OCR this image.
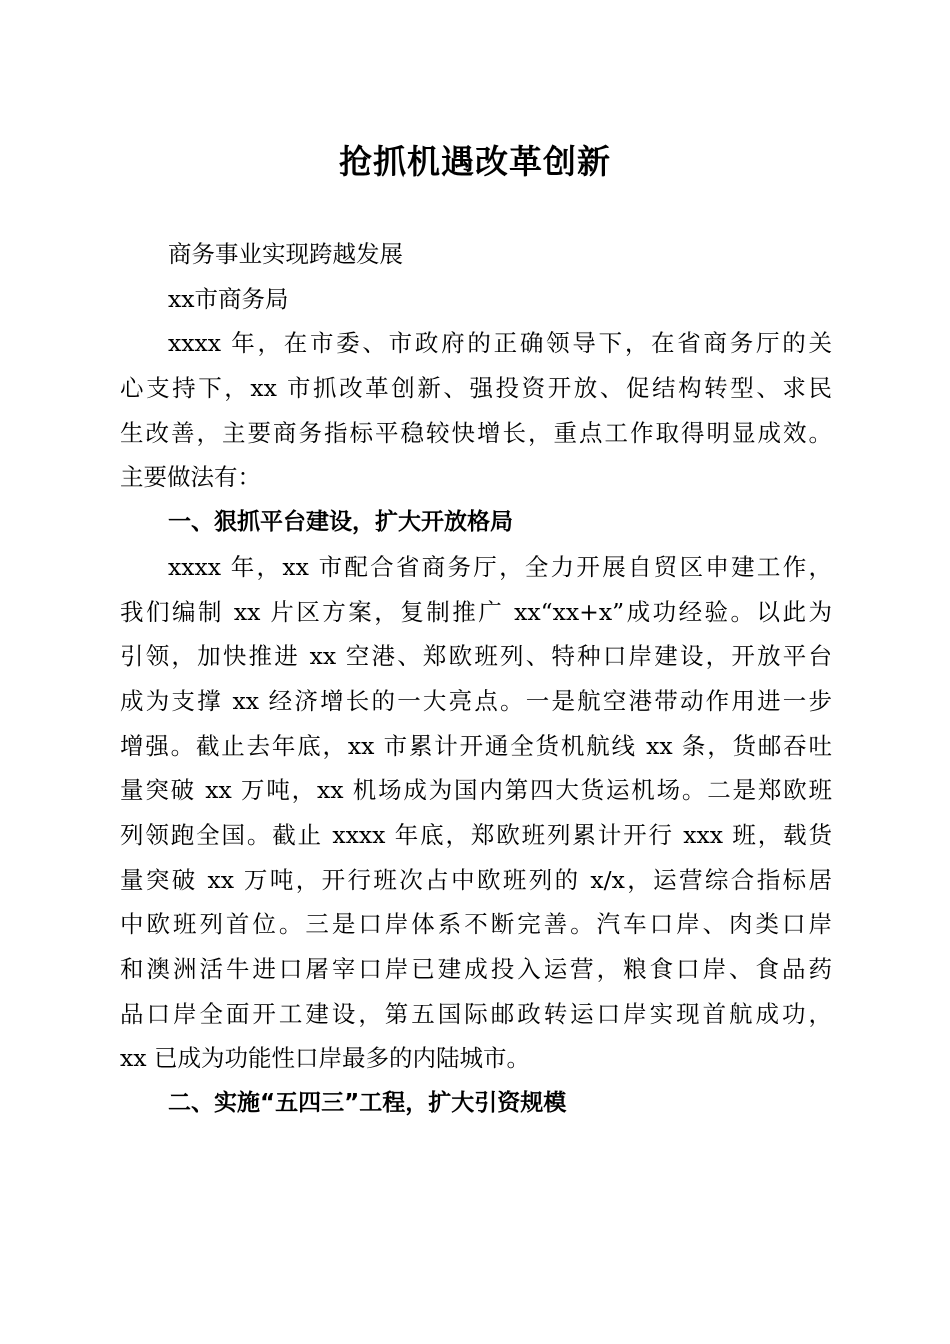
抢抓机遇改革创新
商务事业实现跨越发展
xx市商务局
xxxx 年，在市委、市政府的正确领导下，在省商务厅的关
心支持下，xx 市抓改革创新、强投资开放、促结构转型、求民
生改善，主要商务指标平稳较快增长，重点工作取得明显成效。
主要做法有：
一、狠抓平台建设，扩大开放格局
xxxx 年，xx 市配合省商务厅，全力开展自贸区申建工作，
我们编制 xx 片区方案，复制推广 xx“xx+x”成功经验。以此为
引领，加快推进 xx 空港、郑欧班列、特种口岸建设，开放平台
成为支撑 xx 经济增长的一大亮点。一是航空港带动作用进一步
增强。截止去年底，xx 市累计开通全货机航线 xx 条，货邮吞吐
量突破 xx 万吨，xx 机场成为国内第四大货运机场。二是郑欧班
列领跑全国。截止 xxxx 年底，郑欧班列累计开行 xxx 班，载货
量突破 xx 万吨，开行班次占中欧班列的 x/x，运营综合指标居
中欧班列首位。三是口岸体系不断完善。汽车口岸、肉类口岸
和澳洲活牛进口屠宰口岸已建成投入运营，粮食口岸、食品药
品口岸全面开工建设，第五国际邮政转运口岸实现首航成功，
xx 已成为功能性口岸最多的内陆城市。
二、实施“五四三”工程，扩大引资规模
